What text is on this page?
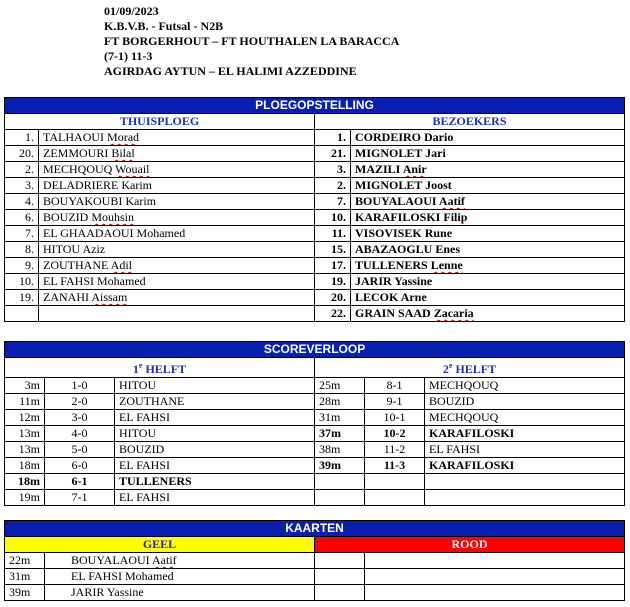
01/09/2023
K.B.V.B. - Futsal - N2B
FT BORGERHOUT – FT HOUTHALEN LA BARACCA
(7-1) 11-3
AGIRDAG AYTUN – EL HALIMI AZZEDDINE
PLOEGOPSTELLING			
THUISPLOEG		BEZOEKERS	
1.	TALHAOUI Morad	1.	CORDEIRO Dario
20.	ZEMMOURI Bilal	21.	MIGNOLET Jari
2.	MECHQOUQ Wouail	3.	MAZILI Anir
3.	DELADRIERE Karim	2.	MIGNOLET Joost
4.	BOUYAKOUBI Karim	7.	BOUYALAOUI Aatif
6.	BOUZID Mouhsin	10.	KARAFILOSKI Filip
7.	EL GHAADAOUI Mohamed	11.	VISOVISEK Rune
8.	HITOU Aziz	15.	ABAZAOGLU Enes
9.	ZOUTHANE Adil	17.	TULLENERS Lenne
10.	EL FAHSI Mohamed	19.	JARIR Yassine
19.	ZANAHI Aissam	20.	LECOK Arne
		22.	GRAIN SAAD Zacaria
SCOREVERLOOP					
1e HELFT			2e HELFT		
3m	1-0	HITOU	25m	8-1	MECHQOUQ
11m	2-0	ZOUTHANE	28m	9-1	BOUZID
12m	3-0	EL FAHSI	31m	10-1	MECHQOUQ
13m	4-0	HITOU	37m	10-2	KARAFILOSKI
13m	5-0	BOUZID	38m	11-2	EL FAHSI
18m	6-0	EL FAHSI	39m	11-3	KARAFILOSKI
18m	6-1	TULLENERS			
19m	7-1	EL FAHSI			
KAARTEN			
GEEL		ROOD	
22m	BOUYALAOUI Aatif		
31m	EL FAHSI Mohamed		
39m	JARIR Yassine		
